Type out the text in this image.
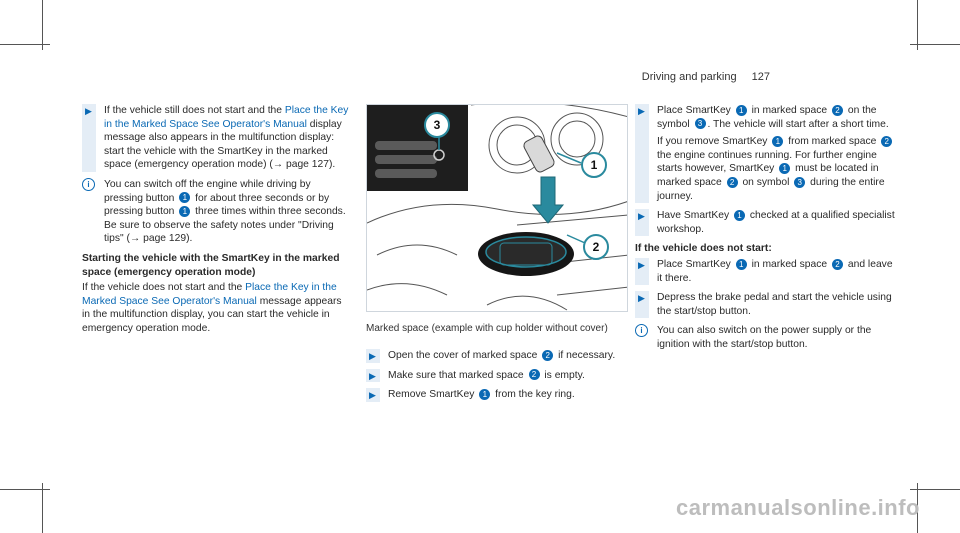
Driving and parking 127
▶ If the vehicle still does not start and the Place the Key in the Marked Space See Operator's Manual display message also appears in the multifunction display: start the vehicle with the SmartKey in the marked space (emergency operation mode) (→ page 127).
i	You can switch off the engine while driving by pressing button 1 for about three seconds or by pressing button 1 three times within three seconds. Be sure to observe the safety notes under "Driving tips" (→ page 129).
Starting the vehicle with the SmartKey in the marked space (emergency operation mode)
If the vehicle does not start and the Place the Key in the Marked Space See Operator's Manual message appears in the multifunction display, you can start the vehicle in emergency operation mode.
3
1
2
Marked space (example with cup holder without cover)
▶ Open the cover of marked space 2 if necessary.
▶ Make sure that marked space 2 is empty.
▶ Remove SmartKey 1 from the key ring.
▶ Place SmartKey 1 in marked space 2 on the symbol 3 . The vehicle will start after a short time.
If you remove SmartKey 1 from marked space 2 the engine continues running. For further engine starts however, SmartKey 1 must be located in marked space 2 on symbol 3 during the entire journey.
▶ Have SmartKey 1 checked at a qualified specialist workshop.
If the vehicle does not start:
▶ Place SmartKey 1 in marked space 2 and leave it there.
▶ Depress the brake pedal and start the vehicle using the start/stop button.
i	You can also switch on the power supply or the ignition with the start/stop button.
carmanualsonline.info
